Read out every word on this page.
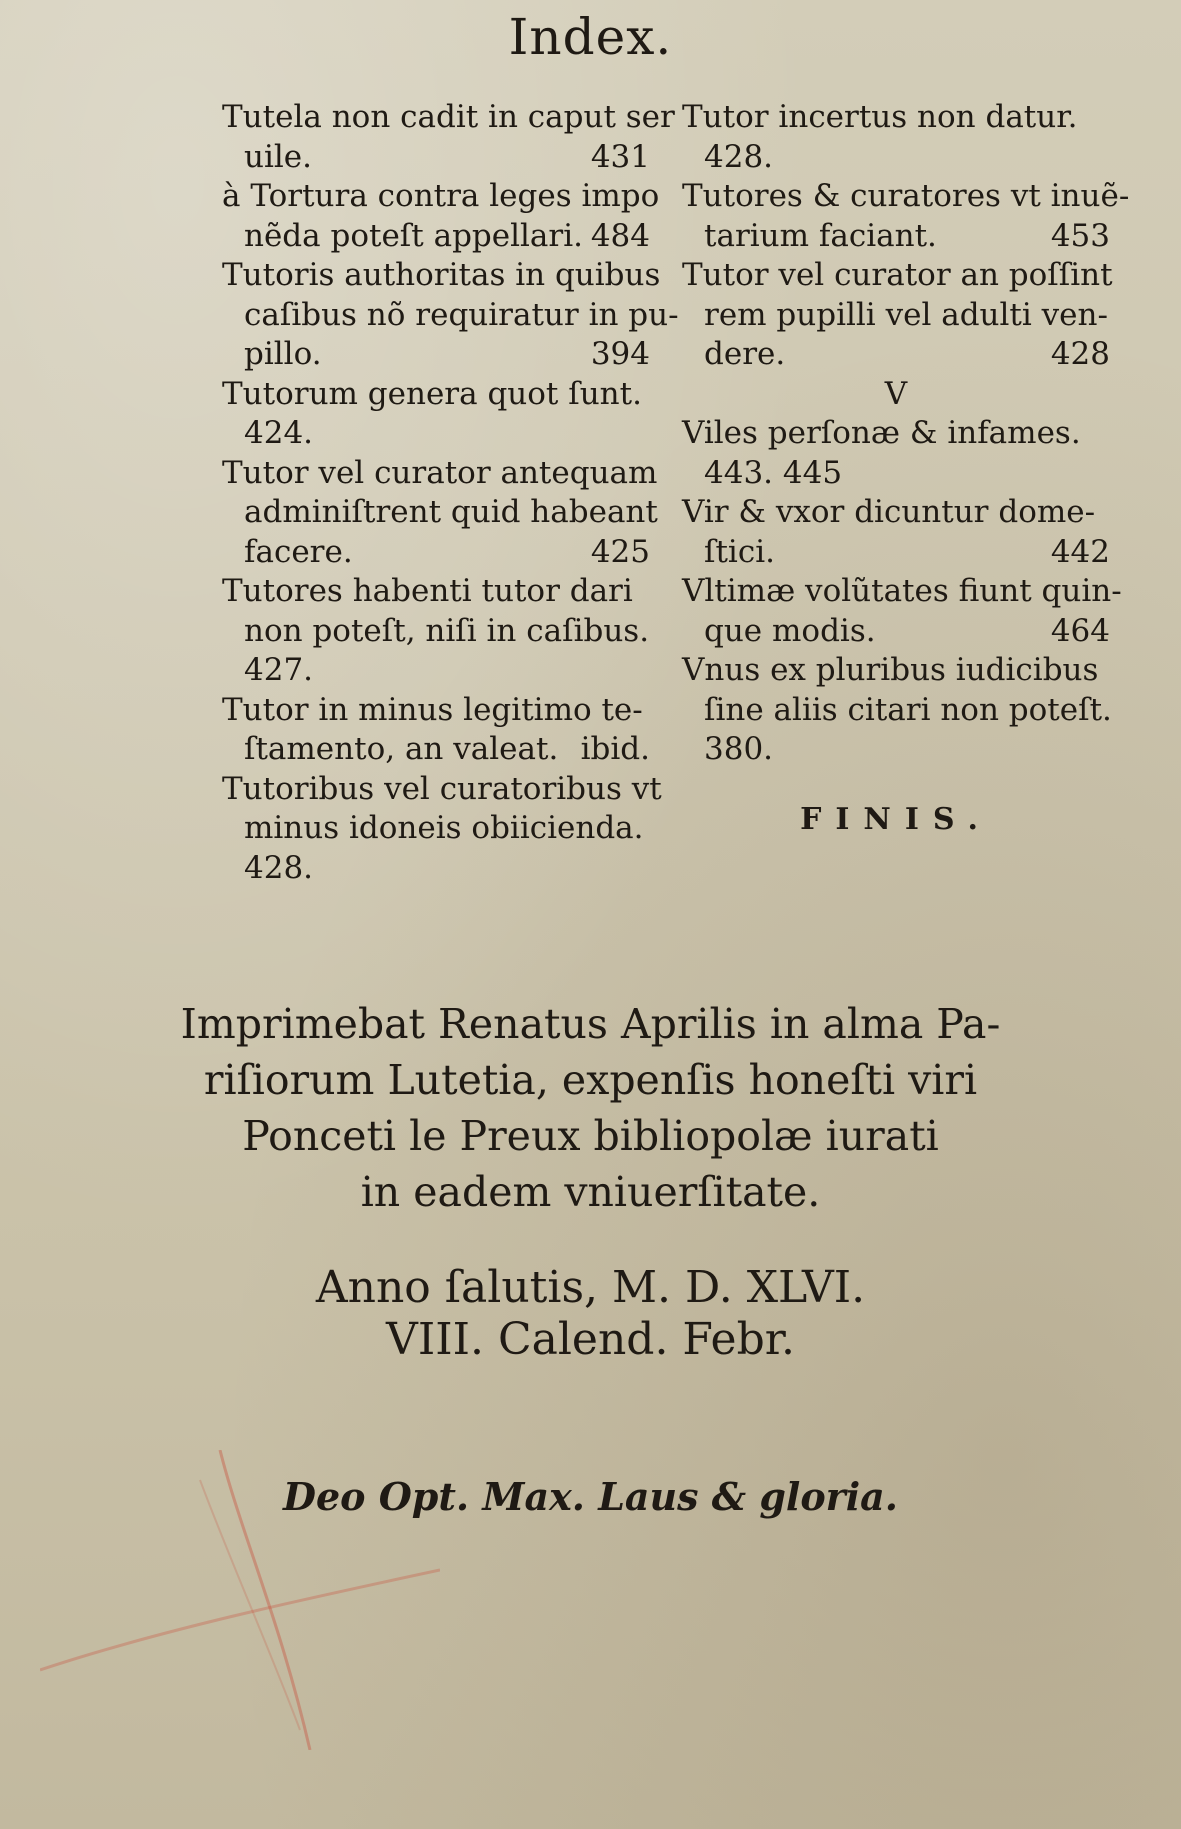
Index.
Tutela non cadit in caput ser
uile.	431
à Tortura contra leges impo
nẽda poteſt appellari. 484
Tutoris authoritas in quibus
caſibus nõ requiratur in pu-
pillo.	394
Tutorum genera quot ſunt.
424.
Tutor vel curator antequam
adminiſtrent quid habeant
facere.	425
Tutores habenti tutor dari
non poteſt, niſi in caſibus.
427.
Tutor in minus legitimo te-
ſtamento, an valeat. ibid.
Tutoribus vel curatoribus vt
minus idoneis obiicienda.
428.
Tutor incertus non datur.
428.
Tutores & curatores vt inuẽ-
tarium faciant.	453
Tutor vel curator an poſſint
rem pupilli vel adulti ven-
dere.	428
V
Viles perſonæ & infames.
443. 445
Vir & vxor dicuntur dome-
ſtici.	442
Vltimæ volũtates fiunt quin-
que modis.	464
Vnus ex pluribus iudicibus
ſine aliis citari non poteſt.
380.
FINIS.
Imprimebat Renatus Aprilis in alma Pa-
riſiorum Lutetia, expenſis honeſti viri
Ponceti le Preux bibliopolæ iurati
in eadem vniuerſitate.
Anno ſalutis, M. D. XLVI.
VIII. Calend. Febr.
Deo Opt. Max. Laus & gloria.
